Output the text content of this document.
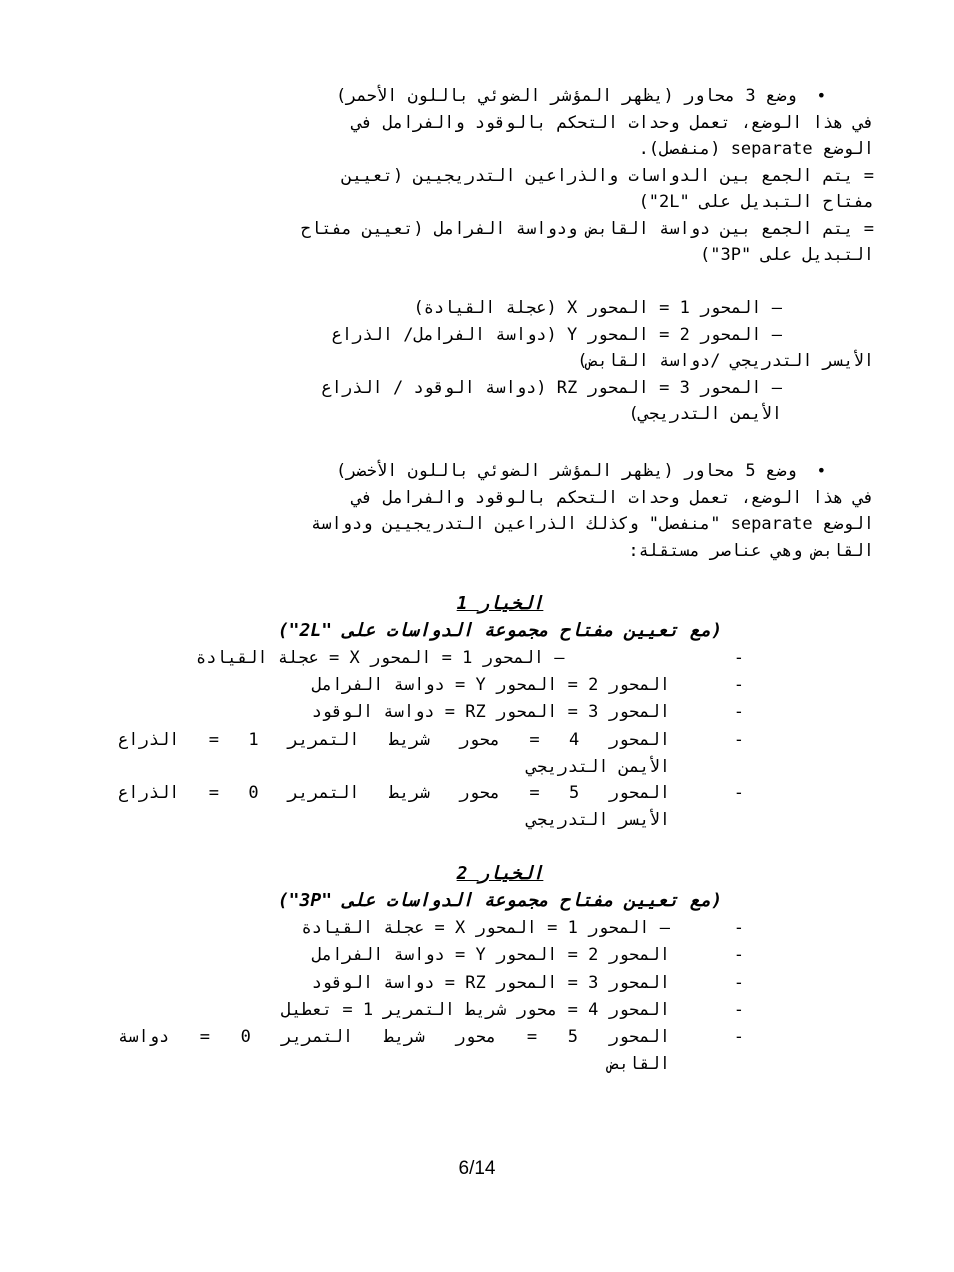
•وضع 3 محاور (يظهر المؤشر الضوئي باللون الأحمر)
في هذا الوضع، تعمل وحدات التحكم بالوقود والفرامل في
الوضع separate (منفصل).
= يتم الجمع بين الدواسات والذراعين التدريجيين (تعيين
مفتاح التبديل على "2L")
= يتم الجمع بين دواسة القابض ودواسة الفرامل (تعيين مفتاح
التبديل على "3P")
– المحور 1 = المحور X (عجلة القيادة)
– المحور 2 = المحور Y (دواسة الفرامل/ الذراع
الأيسر التدريجي /دواسة القابض)
– المحور 3 = المحور RZ (دواسة الوقود / الذراع
الأيمن التدريجي)
•وضع 5 محاور (يظهر المؤشر الضوئي باللون الأخضر)
في هذا الوضع، تعمل وحدات التحكم بالوقود والفرامل في
الوضع separate "منفصل" وكذلك الذراعين التدريجيين ودواسة
القابض وهي عناصر مستقلة:
الخيار 1
(مع تعيين مفتاح مجموعة الدواسات على "2L")
-
– المحور 1 = المحور X = عجلة القيادة
-
المحور 2 = المحور Y = دواسة الفرامل
-
المحور 3 = المحور RZ = دواسة الوقود
-
المحور 4 = محور شريط التمرير 1 = الذراع
الأيمن التدريجي
-
المحور 5 = محور شريط التمرير 0 = الذراع
الأيسر التدريجي
الخيار 2
(مع تعيين مفتاح مجموعة الدواسات على "3P")
-
– المحور 1 = المحور X = عجلة القيادة
-
المحور 2 = المحور Y = دواسة الفرامل
-
المحور 3 = المحور RZ = دواسة الوقود
-
المحور 4 = محور شريط التمرير 1 = تعطيل
-
المحور 5 = محور شريط التمرير 0 = دواسة
القابض
6/14
